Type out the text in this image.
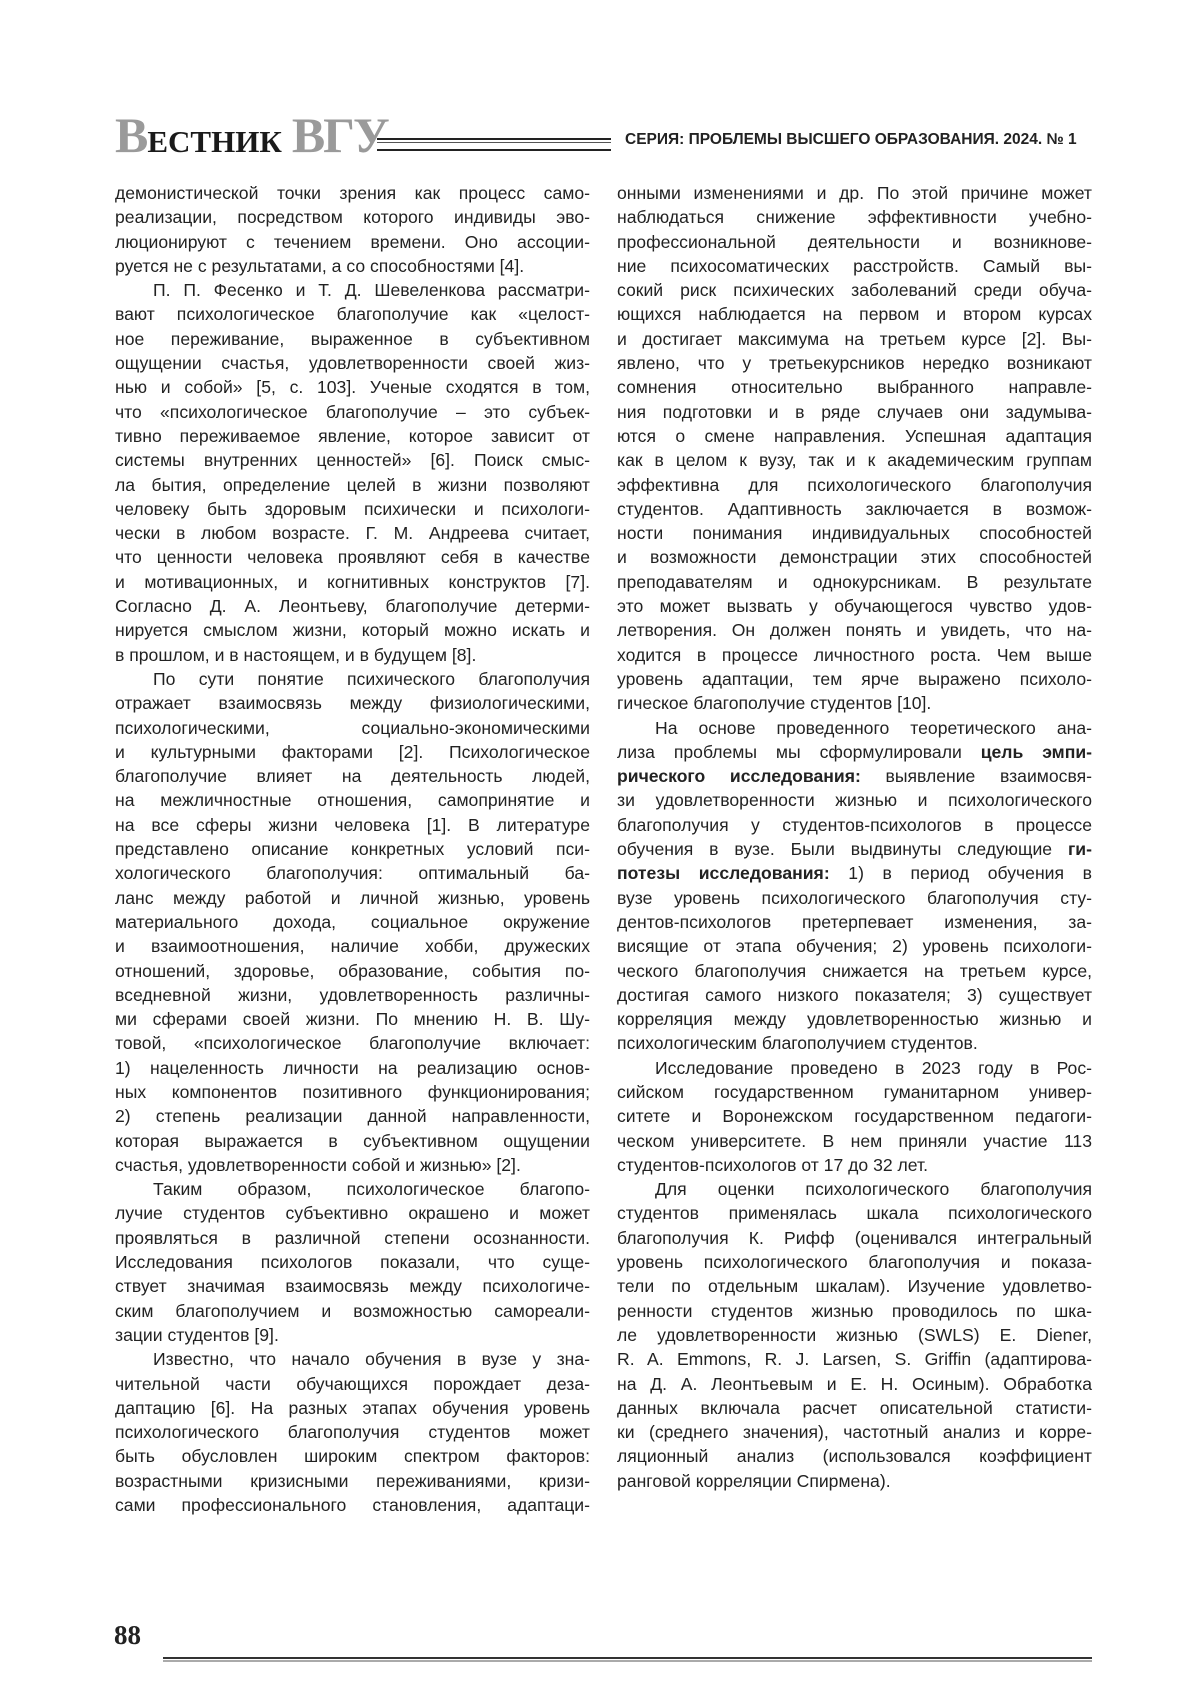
ВЕСТНИК ВГУ	СЕРИЯ: ПРОБЛЕМЫ ВЫСШЕГО ОБРАЗОВАНИЯ. 2024. № 1
демонистической точки зрения как процесс само-
реализации, посредством которого индивиды эво-
люционируют с течением времени. Оно ассоции-
руется не с результатами, а со способностями [4].
П. П. Фесенко и Т. Д. Шевеленкова рассматри-
вают психологическое благополучие как «целост-
ное переживание, выраженное в субъективном
ощущении счастья, удовлетворенности своей жиз-
нью и собой» [5, с. 103]. Ученые сходятся в том,
что «психологическое благополучие – это субъек-
тивно переживаемое явление, которое зависит от
системы внутренних ценностей» [6]. Поиск смыс-
ла бытия, определение целей в жизни позволяют
человеку быть здоровым психически и психологи-
чески в любом возрасте. Г. М. Андреева считает,
что ценности человека проявляют себя в качестве
и мотивационных, и когнитивных конструктов [7].
Согласно Д. А. Леонтьеву, благополучие детерми-
нируется смыслом жизни, который можно искать и
в прошлом, и в настоящем, и в будущем [8].
По сути понятие психического благополучия
отражает взаимосвязь между физиологическими,
психологическими, социально-экономическими
и культурными факторами [2]. Психологическое
благополучие влияет на деятельность людей,
на межличностные отношения, самопринятие и
на все сферы жизни человека [1]. В литературе
представлено описание конкретных условий пси-
хологического благополучия: оптимальный ба-
ланс между работой и личной жизнью, уровень
материального дохода, социальное окружение
и взаимоотношения, наличие хобби, дружеских
отношений, здоровье, образование, события по-
вседневной жизни, удовлетворенность различны-
ми сферами своей жизни. По мнению Н. В. Шу-
товой, «психологическое благополучие включает:
1) нацеленность личности на реализацию основ-
ных компонентов позитивного функционирования;
2) степень реализации данной направленности,
которая выражается в субъективном ощущении
счастья, удовлетворенности собой и жизнью» [2].
Таким образом, психологическое благопо-
лучие студентов субъективно окрашено и может
проявляться в различной степени осознанности.
Исследования психологов показали, что суще-
ствует значимая взаимосвязь между психологиче-
ским благополучием и возможностью самореали-
зации студентов [9].
Известно, что начало обучения в вузе у зна-
чительной части обучающихся порождает деза-
даптацию [6]. На разных этапах обучения уровень
психологического благополучия студентов может
быть обусловлен широким спектром факторов:
возрастными кризисными переживаниями, кризи-
сами профессионального становления, адаптаци-
онными изменениями и др. По этой причине может
наблюдаться снижение эффективности учебно-
профессиональной деятельности и возникнове-
ние психосоматических расстройств. Самый вы-
сокий риск психических заболеваний среди обуча-
ющихся наблюдается на первом и втором курсах
и достигает максимума на третьем курсе [2]. Вы-
явлено, что у третьекурсников нередко возникают
сомнения относительно выбранного направле-
ния подготовки и в ряде случаев они задумыва-
ются о смене направления. Успешная адаптация
как в целом к вузу, так и к академическим группам
эффективна для психологического благополучия
студентов. Адаптивность заключается в возмож-
ности понимания индивидуальных способностей
и возможности демонстрации этих способностей
преподавателям и однокурсникам. В результате
это может вызвать у обучающегося чувство удов-
летворения. Он должен понять и увидеть, что на-
ходится в процессе личностного роста. Чем выше
уровень адаптации, тем ярче выражено психоло-
гическое благополучие студентов [10].
На основе проведенного теоретического ана-
лиза проблемы мы сформулировали цель эмпи-
рического исследования: выявление взаимосвя-
зи удовлетворенности жизнью и психологического
благополучия у студентов-психологов в процессе
обучения в вузе. Были выдвинуты следующие ги-
потезы исследования: 1) в период обучения в
вузе уровень психологического благополучия сту-
дентов-психологов претерпевает изменения, за-
висящие от этапа обучения; 2) уровень психологи-
ческого благополучия снижается на третьем курсе,
достигая самого низкого показателя; 3) существует
корреляция между удовлетворенностью жизнью и
психологическим благополучием студентов.
Исследование проведено в 2023 году в Рос-
сийском государственном гуманитарном универ-
ситете и Воронежском государственном педагоги-
ческом университете. В нем приняли участие 113
студентов-психологов от 17 до 32 лет.
Для оценки психологического благополучия
студентов применялась шкала психологического
благополучия К. Рифф (оценивался интегральный
уровень психологического благополучия и показа-
тели по отдельным шкалам). Изучение удовлетво-
ренности студентов жизнью проводилось по шка-
ле удовлетворенности жизнью (SWLS) E. Diener,
R. A. Emmons, R. J. Larsen, S. Griffin (адаптирова-
на Д. А. Леонтьевым и Е. Н. Осиным). Обработка
данных включала расчет описательной статисти-
ки (среднего значения), частотный анализ и корре-
ляционный анализ (использовался коэффициент
ранговой корреляции Спирмена).
88
